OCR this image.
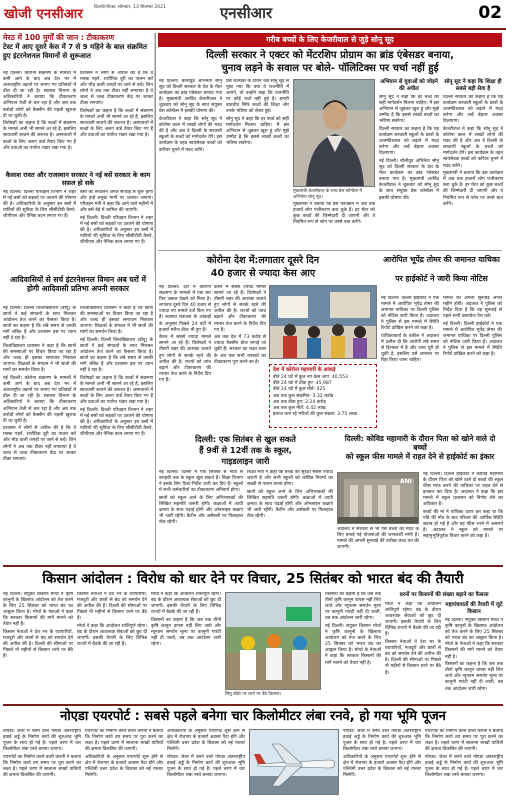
खोजी एनसीआर दिल्ली/नोएडा, सोमवार, 13 सितम्बर 2021	एनसीआर	02
मेरठ में 100 मुर्गों की जान : टीकाकरण
टेस्ट में आए दूसरे केस में 7 से 9 महिने के बाल संक्रमित हुए इंटरनेशनल विमानों से शुरूआत

नई दिल्ली। कोरोना संक्रमण के मामलों में कमी आने के बाद अब देश भर में अंतरराष्ट्रीय उड़ानों पर लगाए गए प्रतिबंधों में ढील दी जा रही है। स्वास्थ्य विभाग के अधिकारियों ने बताया कि टीकाकरण अभियान तेजी से चल रहा है और अब तक करोड़ों लोगों को वैक्सीन की पहली खुराक दी जा चुकी है।

विशेषज्ञों का कहना है कि बच्चों में संक्रमण के मामले अभी भी सामने आ रहे हैं, इसलिए सावधानी बरतने की जरूरत है। अस्पतालों में बच्चों के लिए अलग वार्ड तैयार किए गए हैं और दवाओं का पर्याप्त भंडार रखा गया है।

प्रशासन ने लोगों से अपील की है कि वे मास्क पहनें, शारीरिक दूरी का पालन करें और भीड़ वाली जगहों पर जाने से बचें। जिन लोगों ने अब तक टीका नहीं लगवाया है वे जल्द से जल्द टीकाकरण केंद्र पर जाकर टीका लगवाएं।

विशेषज्ञों का कहना है कि बच्चों में संक्रमण के मामले अभी भी सामने आ रहे हैं, इसलिए सावधानी बरतने की जरूरत है। अस्पतालों में बच्चों के लिए अलग वार्ड तैयार किए गए हैं और दवाओं का पर्याप्त भंडार रखा गया है।

कैलाश रावत और राजस्थान सरकार ने नई बसें सरकार के काम सफ़ल हो सके

नई दिल्ली। दिल्ली परिवहन विभाग ने शहर में नई बसों को सड़कों पर उतारने की घोषणा की है। अधिकारियों के अनुसार इन बसों में यात्रियों की सुविधा के लिए सीसीटीवी कैमरे, जीपीएस और पैनिक बटन लगाए गए हैं।

बसों का संचालन अगले सप्ताह से शुरू होगा और इन्हें प्रमुख मार्गों पर चलाया जाएगा। परिवहन मंत्री ने कहा कि आने वाले महीनों में और बसें बेड़े में शामिल की जाएंगी।

नई दिल्ली। दिल्ली परिवहन विभाग ने शहर में नई बसों को सड़कों पर उतारने की घोषणा की है। अधिकारियों के अनुसार इन बसों में यात्रियों की सुविधा के लिए सीसीटीवी कैमरे, जीपीएस और पैनिक बटन लगाए गए हैं।

आदिवासियों से सर्च इंटरनेशनल विमान अब घरों में होगी आदिवासी प्रतिभा अपनी सरकार

नई दिल्ली। दिल्ली विश्वविद्यालय (डीयू) के छात्रों ने कई संगठनों के साथ मिलकर आंदोलन तेज करने का फैसला किया है। छात्रों का कहना है कि लंबे समय से उनकी मांगें लंबित हैं और प्रशासन इस पर ध्यान नहीं दे रहा है।

विश्वविद्यालय प्रशासन ने कहा है कि छात्रों की समस्याओं पर विचार किया जा रहा है और जल्द ही इसका समाधान निकाला जाएगा। शिक्षकों के संगठन ने भी छात्रों की मांगों का समर्थन किया है।

नई दिल्ली। कोरोना संक्रमण के मामलों में कमी आने के बाद अब देश भर में अंतरराष्ट्रीय उड़ानों पर लगाए गए प्रतिबंधों में ढील दी जा रही है। स्वास्थ्य विभाग के अधिकारियों ने बताया कि टीकाकरण अभियान तेजी से चल रहा है और अब तक करोड़ों लोगों को वैक्सीन की पहली खुराक दी जा चुकी है।

प्रशासन ने लोगों से अपील की है कि वे मास्क पहनें, शारीरिक दूरी का पालन करें और भीड़ वाली जगहों पर जाने से बचें। जिन लोगों ने अब तक टीका नहीं लगवाया है वे जल्द से जल्द टीकाकरण केंद्र पर जाकर टीका लगवाएं।

विश्वविद्यालय प्रशासन ने कहा है कि छात्रों की समस्याओं पर विचार किया जा रहा है और जल्द ही इसका समाधान निकाला जाएगा। शिक्षकों के संगठन ने भी छात्रों की मांगों का समर्थन किया है।

नई दिल्ली। दिल्ली विश्वविद्यालय (डीयू) के छात्रों ने कई संगठनों के साथ मिलकर आंदोलन तेज करने का फैसला किया है। छात्रों का कहना है कि लंबे समय से उनकी मांगें लंबित हैं और प्रशासन इस पर ध्यान नहीं दे रहा है।

विशेषज्ञों का कहना है कि बच्चों में संक्रमण के मामले अभी भी सामने आ रहे हैं, इसलिए सावधानी बरतने की जरूरत है। अस्पतालों में बच्चों के लिए अलग वार्ड तैयार किए गए हैं और दवाओं का पर्याप्त भंडार रखा गया है।

नई दिल्ली। दिल्ली परिवहन विभाग ने शहर में नई बसों को सड़कों पर उतारने की घोषणा की है। अधिकारियों के अनुसार इन बसों में यात्रियों की सुविधा के लिए सीसीटीवी कैमरे, जीपीएस और पैनिक बटन लगाए गए हैं।

गरीब बच्चों के लिए केजरीवाल से जुड़े सोनू सूद
दिल्ली सरकार ने एक्टर को मेंटरशिप प्रोग्राम का ब्रांड एंबेसडर बनाया,
चुनाव लड़ने के सवाल पर बोले- पॉलिटिक्स पर चर्चा नहीं हुई

नई दिल्ली। बॉलीवुड अभिनेता सोनू सूद को दिल्ली सरकार के देश के मेंटर कार्यक्रम का ब्रांड एंबेसडर बनाया गया है। मुख्यमंत्री अरविंद केजरीवाल ने शुक्रवार को सोनू सूद के साथ संयुक्त प्रेस कॉन्फ्रेंस में इसकी घोषणा की।

केजरीवाल ने कहा कि सोनू सूद ने कोरोना काल में लाखों लोगों की मदद की है और अब वे दिल्ली के सरकारी स्कूलों के बच्चों को मार्गदर्शन देंगे। इस कार्यक्रम के तहत स्वयंसेवक बच्चों को करियर चुनने में मदद करेंगे।

प्रेस कॉन्फ्रेंस के दौरान जब सोनू सूद से पूछा गया कि क्या वे राजनीति में आएंगे, तो उन्होंने कहा कि राजनीति पर कोई चर्चा नहीं हुई है। हमारी बातचीत सिर्फ बच्चों की शिक्षा और उनके भविष्य को लेकर हुई।

सोनू सूद ने कहा कि हर बच्चे को सही मार्गदर्शन मिलना चाहिए। मैं इस अभियान से जुड़कर खुश हूं और मुझे उम्मीद है कि इससे लाखों बच्चों का भविष्य संवरेगा।

मुख्यमंत्री केजरीवाल के साथ प्रेस कॉन्फ्रेंस में अभिनेता सोनू सूद।

मुख्यमंत्री ने बताया कि इस कार्यक्रम में अब तक हजारों लोग पंजीकरण करा चुके हैं। हर मेंटर को कुछ बच्चों की जिम्मेदारी दी जाएगी और वे नियमित रूप से फोन पर उनसे बात करेंगे।

अभियान से युवाओं को जोड़ने की अपील

सोनू सूद ने कहा कि हर बच्चे को सही मार्गदर्शन मिलना चाहिए। मैं इस अभियान से जुड़कर खुश हूं और मुझे उम्मीद है कि इससे लाखों बच्चों का भविष्य संवरेगा।

दिल्ली सरकार का कहना है कि यह कार्यक्रम सरकारी स्कूलों के छात्रों के आत्मविश्वास को बढ़ाने में मदद करेगा और उन्हें बेहतर अवसर दिलाएगा।

नई दिल्ली। बॉलीवुड अभिनेता सोनू सूद को दिल्ली सरकार के देश के मेंटर कार्यक्रम का ब्रांड एंबेसडर बनाया गया है। मुख्यमंत्री अरविंद केजरीवाल ने शुक्रवार को सोनू सूद के साथ संयुक्त प्रेस कॉन्फ्रेंस में इसकी घोषणा की।

सोनू सूद ने कहा कि शिक्षा ही सबसे बड़ी सेवा है

दिल्ली सरकार का कहना है कि यह कार्यक्रम सरकारी स्कूलों के छात्रों के आत्मविश्वास को बढ़ाने में मदद करेगा और उन्हें बेहतर अवसर दिलाएगा।

केजरीवाल ने कहा कि सोनू सूद ने कोरोना काल में लाखों लोगों की मदद की है और अब वे दिल्ली के सरकारी स्कूलों के बच्चों को मार्गदर्शन देंगे। इस कार्यक्रम के तहत स्वयंसेवक बच्चों को करियर चुनने में मदद करेंगे।

मुख्यमंत्री ने बताया कि इस कार्यक्रम में अब तक हजारों लोग पंजीकरण करा चुके हैं। हर मेंटर को कुछ बच्चों की जिम्मेदारी दी जाएगी और वे नियमित रूप से फोन पर उनसे बात करेंगे।

कोरोना देश में:लगातार दूसरे दिन
40 हजार से ज्यादा केस आए

नई दिल्ली। देश में कोरोना संक्रमण के मामलों में एक बार फिर उछाल देखने को मिला है। लगातार दूसरे दिन 40 हजार से ज्यादा नए मामले दर्ज किए गए हैं। स्वास्थ्य मंत्रालय के आंकड़ों के अनुसार पिछले 24 घंटों में हजारों मरीज ठीक भी हुए हैं।

केरल में सबसे ज्यादा मामले सामने आ रहे हैं। विशेषज्ञों ने तीसरी लहर की आशंका जताते हुए लोगों से सतर्क रहने की अपील की है। राज्यों को जांच बढ़ाने और टीकाकरण की रफ्तार तेज करने के निर्देश दिए गए हैं।

केरल में सबसे ज्यादा मामले सामने आ रहे हैं। विशेषज्ञों ने तीसरी लहर की आशंका जताते हुए लोगों से सतर्क रहने की अपील की है। राज्यों को जांच बढ़ाने और टीकाकरण की रफ्तार तेज करने के निर्देश दिए गए हैं।

अब तक देश में 73 करोड़ से ज्यादा वैक्सीन डोज लगाई जा चुकी हैं। सरकार का लक्ष्य साल के अंत तक सभी वयस्कों का टीकाकरण पूरा करने का है।

देश में कोरोना महामारी के आंकड़े
बीते 24 घंटे में कुल नए केस आए: 40,553
बीते 24 घंटे में ठीक हुए: 45,987
बीते 24 घंटे में कुल मौतें: 425
अब तक कुल संक्रमित: 3.32 करोड़
अब तक ठीक हुए: 3.24 करोड़
अब तक कुल मौतें: 4.42 लाख
इलाज करा रहे मरीजों की कुल संख्या: 3.75 लाख
आरोपित भूपेंद्र तोमर की जमानत याचिका
पर हाईकोर्ट ने जारी किया नोटिस

नई दिल्ली। दिल्ली हाईकोर्ट ने एक मामले में आरोपित भूपेंद्र तोमर की जमानत याचिका पर दिल्ली पुलिस को नोटिस जारी किया है। अदालत ने पुलिस से इस मामले में स्थिति रिपोर्ट दाखिल करने को कहा है।

याचिकाकर्ता के वकील ने अदालत में दलील दी कि आरोपी लंबे समय से हिरासत में है और जांच पूरी हो चुकी है, इसलिए उसे जमानत पर रिहा किया जाना चाहिए।

मामले की अगली सुनवाई अगले महीने होगी। अदालत ने पुलिस को निर्देश दिया है कि वह सुनवाई से पहले सभी दस्तावेज पेश करे।

नई दिल्ली। दिल्ली हाईकोर्ट ने एक मामले में आरोपित भूपेंद्र तोमर की जमानत याचिका पर दिल्ली पुलिस को नोटिस जारी किया है। अदालत ने पुलिस से इस मामले में स्थिति रिपोर्ट दाखिल करने को कहा है।

दिल्ली: एक सितंबर से खुल सकते
हैं 9वीं से 12वीं तक के स्कूल,
गाइडलाइन जारी

नई दिल्ली। दिल्ली में एक सितंबर से नौवीं से बारहवीं तक के स्कूल खुल सकते हैं। शिक्षा विभाग ने इसके लिए दिशा-निर्देश जारी कर दिए हैं। स्कूलों में सभी कर्मचारियों का टीकाकरण अनिवार्य होगा।

छात्रों को स्कूल आने के लिए अभिभावकों की लिखित सहमति जरूरी होगी। कक्षाओं में आधी क्षमता के साथ पढ़ाई होगी और ऑनलाइन कक्षाएं भी जारी रहेंगी। कैंटीन और असेंबली पर फिलहाल रोक रहेगी।

शिक्षा मंत्री ने कहा कि बच्चों की सुरक्षा सबसे ज्यादा जरूरी है और सभी स्कूलों को कोविड नियमों का सख्ती से पालन करना होगा।

छात्रों को स्कूल आने के लिए अभिभावकों की लिखित सहमति जरूरी होगी। कक्षाओं में आधी क्षमता के साथ पढ़ाई होगी और ऑनलाइन कक्षाएं भी जारी रहेंगी। कैंटीन और असेंबली पर फिलहाल रोक रहेगी।

दिल्ली: कोविड महामारी के दौरान पिता को खोने वाले दो बच्चों
को स्कूल फीस मामले में राहत देने से हाईकोर्ट का इंकार
ANI

नई दिल्ली। दिल्ली हाईकोर्ट ने कोविड महामारी के दौरान पिता को खोने वाले दो बच्चों की स्कूल फीस माफ करने की याचिका पर राहत देने से इनकार कर दिया है। अदालत ने कहा कि इस मामले में स्कूल प्रशासन को निर्णय लेने का अधिकार है।

बच्चों की मां ने याचिका दायर कर कहा था कि पति की मौत के बाद परिवार की आर्थिक स्थिति खराब हो गई है और वह फीस भरने में असमर्थ है। अदालत ने स्कूल को मामले पर सहानुभूतिपूर्वक विचार करने को कहा है।

अदालत ने सरकार से भी ऐसे बच्चों की मदद के लिए बनाई गई योजनाओं की जानकारी मांगी है। मामले की अगली सुनवाई की तारीख जल्द तय की जाएगी।

किसान आंदोलन : विरोध को धार देने पर विचार, 25 सितंबर को भारत बंद की तैयारी

नई दिल्ली। संयुक्त किसान मोर्चा ने कृषि कानूनों के खिलाफ आंदोलन को तेज करने के लिए 25 सितंबर को भारत बंद का आह्वान किया है। मोर्चा के नेताओं ने कहा कि सरकार किसानों की मांगें मानने को तैयार नहीं है।

किसान नेताओं ने देश भर के व्यापारियों, मजदूरों और छात्रों से बंद को समर्थन देने की अपील की है। दिल्ली की सीमाओं पर पिछले नौ महीनों से किसान धरने पर बैठे हैं।

किसान नेताओं ने देश भर के व्यापारियों, मजदूरों और छात्रों से बंद को समर्थन देने की अपील की है। दिल्ली की सीमाओं पर पिछले नौ महीनों से किसान धरने पर बैठे हैं।

मोर्चा ने कहा कि आंदोलन शांतिपूर्ण रहेगा। बंद के दौरान आवश्यक सेवाओं को छूट दी जाएगी। इसकी तैयारी के लिए विभिन्न राज्यों में बैठकें की जा रही हैं।

मोर्चा ने कहा कि आंदोलन शांतिपूर्ण रहेगा। बंद के दौरान आवश्यक सेवाओं को छूट दी जाएगी। इसकी तैयारी के लिए विभिन्न राज्यों में बैठकें की जा रही हैं।

किसानों का कहना है कि जब तक तीनों कृषि कानून वापस नहीं लिए जाते और न्यूनतम समर्थन मूल्य पर कानूनी गारंटी नहीं दी जाती, तब तक आंदोलन जारी रहेगा।

सिंघु बॉर्डर पर धरने पर बैठे किसान।

किसानों का कहना है कि जब तक तीनों कृषि कानून वापस नहीं लिए जाते और न्यूनतम समर्थन मूल्य पर कानूनी गारंटी नहीं दी जाती, तब तक आंदोलन जारी रहेगा।

नई दिल्ली। संयुक्त किसान मोर्चा ने कृषि कानूनों के खिलाफ आंदोलन को तेज करने के लिए 25 सितंबर को भारत बंद का आह्वान किया है। मोर्चा के नेताओं ने कहा कि सरकार किसानों की मांगें मानने को तैयार नहीं है।

धरनों पर किसानों की संख्या बढ़ाने का फैसला

मोर्चा ने कहा कि आंदोलन शांतिपूर्ण रहेगा। बंद के दौरान आवश्यक सेवाओं को छूट दी जाएगी। इसकी तैयारी के लिए विभिन्न राज्यों में बैठकें की जा रही हैं।

किसान नेताओं ने देश भर के व्यापारियों, मजदूरों और छात्रों से बंद को समर्थन देने की अपील की है। दिल्ली की सीमाओं पर पिछले नौ महीनों से किसान धरने पर बैठे हैं।

महापंचायतों की तैयारी में जुटे किसान

नई दिल्ली। संयुक्त किसान मोर्चा ने कृषि कानूनों के खिलाफ आंदोलन को तेज करने के लिए 25 सितंबर को भारत बंद का आह्वान किया है। मोर्चा के नेताओं ने कहा कि सरकार किसानों की मांगें मानने को तैयार नहीं है।

किसानों का कहना है कि जब तक तीनों कृषि कानून वापस नहीं लिए जाते और न्यूनतम समर्थन मूल्य पर कानूनी गारंटी नहीं दी जाती, तब तक आंदोलन जारी रहेगा।

नोएडा एयरपोर्ट : सबसे पहले बनेगा चार किलोमीटर लंबा रनवे, हो गया भूमि पूजन

नोएडा। जेवर में बनने वाले नोएडा अंतरराष्ट्रीय हवाई अड्डे के निर्माण कार्य की शुरुआत भूमि पूजन के साथ हो गई है। पहले चरण में चार किलोमीटर लंबा रनवे बनाया जाएगा।

एयरपोर्ट का निर्माण करने वाली कंपनी ने बताया कि निर्माण कार्य तय समय पर पूरा करने का लक्ष्य है। पहले चरण में सालाना लाखों यात्रियों की क्षमता विकसित की जाएगी।

एयरपोर्ट का निर्माण करने वाली कंपनी ने बताया कि निर्माण कार्य तय समय पर पूरा करने का लक्ष्य है। पहले चरण में सालाना लाखों यात्रियों की क्षमता विकसित की जाएगी।

अधिकारियों के अनुसार एयरपोर्ट शुरू होने से क्षेत्र में रोजगार के हजारों अवसर पैदा होंगे और पश्चिमी उत्तर प्रदेश के विकास को नई रफ्तार मिलेगी।

अधिकारियों के अनुसार एयरपोर्ट शुरू होने से क्षेत्र में रोजगार के हजारों अवसर पैदा होंगे और पश्चिमी उत्तर प्रदेश के विकास को नई रफ्तार मिलेगी।

नोएडा। जेवर में बनने वाले नोएडा अंतरराष्ट्रीय हवाई अड्डे के निर्माण कार्य की शुरुआत भूमि पूजन के साथ हो गई है। पहले चरण में चार किलोमीटर लंबा रनवे बनाया जाएगा।

नोएडा। जेवर में बनने वाले नोएडा अंतरराष्ट्रीय हवाई अड्डे के निर्माण कार्य की शुरुआत भूमि पूजन के साथ हो गई है। पहले चरण में चार किलोमीटर लंबा रनवे बनाया जाएगा।

अधिकारियों के अनुसार एयरपोर्ट शुरू होने से क्षेत्र में रोजगार के हजारों अवसर पैदा होंगे और पश्चिमी उत्तर प्रदेश के विकास को नई रफ्तार मिलेगी।

एयरपोर्ट का निर्माण करने वाली कंपनी ने बताया कि निर्माण कार्य तय समय पर पूरा करने का लक्ष्य है। पहले चरण में सालाना लाखों यात्रियों की क्षमता विकसित की जाएगी।

नोएडा। जेवर में बनने वाले नोएडा अंतरराष्ट्रीय हवाई अड्डे के निर्माण कार्य की शुरुआत भूमि पूजन के साथ हो गई है। पहले चरण में चार किलोमीटर लंबा रनवे बनाया जाएगा।
